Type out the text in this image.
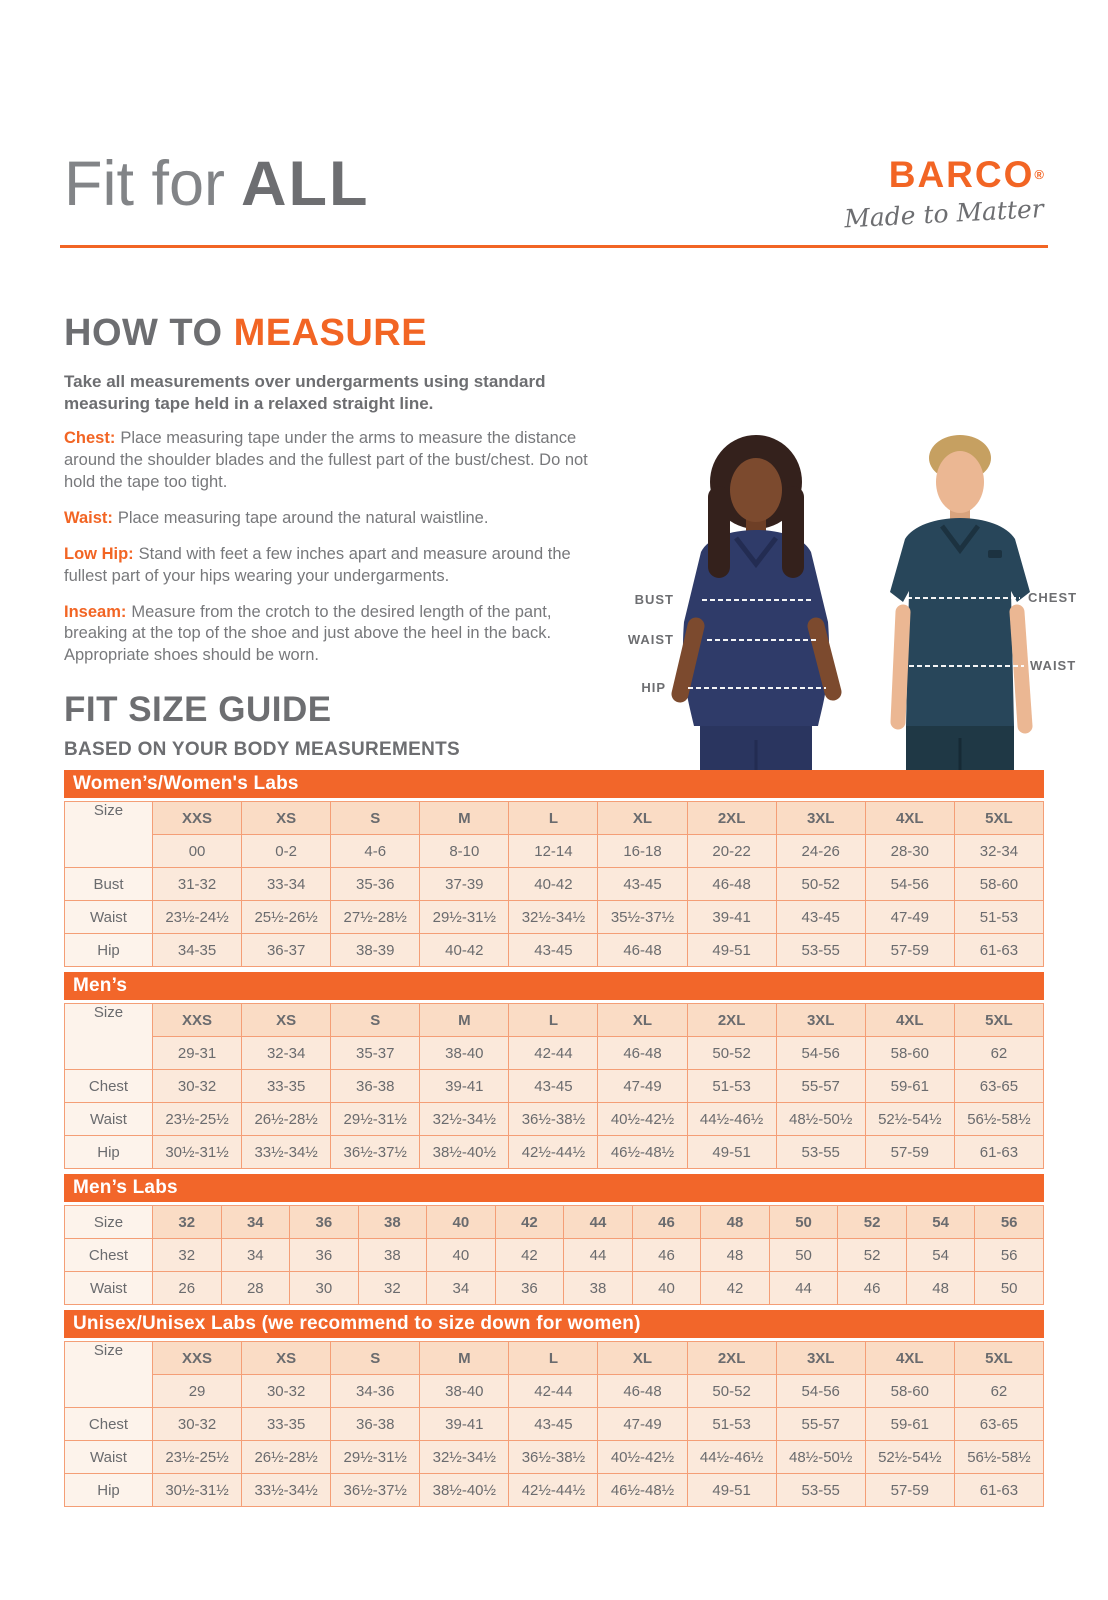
Fit for ALL	BARCO®
Made to Matter
HOW TO MEASURE

Take all measurements over undergarments using standard measuring tape held in a relaxed straight line.

Chest: Place measuring tape under the arms to measure the distance around the shoulder blades and the fullest part of the bust/chest. Do not hold the tape too tight.

Waist: Place measuring tape around the natural waistline.

Low Hip: Stand with feet a few inches apart and measure around the fullest part of your hips wearing your undergarments.

Inseam: Measure from the crotch to the desired length of the pant, breaking at the top of the shoe and just above the heel in the back. Appropriate shoes should be worn.

BUST
WAIST
HIP
CHEST
WAIST
FIT SIZE GUIDE
BASED ON YOUR BODY MEASUREMENTS
Women’s/Women's Labs
Size	XXS	XS	S	M	L	XL	2XL	3XL	4XL	5XL
	00	0-2	4-6	8-10	12-14	16-18	20-22	24-26	28-30	32-34
Bust	31-32	33-34	35-36	37-39	40-42	43-45	46-48	50-52	54-56	58-60
Waist	23½-24½	25½-26½	27½-28½	29½-31½	32½-34½	35½-37½	39-41	43-45	47-49	51-53
Hip	34-35	36-37	38-39	40-42	43-45	46-48	49-51	53-55	57-59	61-63
Men’s
Size	XXS	XS	S	M	L	XL	2XL	3XL	4XL	5XL
	29-31	32-34	35-37	38-40	42-44	46-48	50-52	54-56	58-60	62
Chest	30-32	33-35	36-38	39-41	43-45	47-49	51-53	55-57	59-61	63-65
Waist	23½-25½	26½-28½	29½-31½	32½-34½	36½-38½	40½-42½	44½-46½	48½-50½	52½-54½	56½-58½
Hip	30½-31½	33½-34½	36½-37½	38½-40½	42½-44½	46½-48½	49-51	53-55	57-59	61-63
Men’s Labs
Size	32	34	36	38	40	42	44	46	48	50	52	54	56
Chest	32	34	36	38	40	42	44	46	48	50	52	54	56
Waist	26	28	30	32	34	36	38	40	42	44	46	48	50
Unisex/Unisex Labs (we recommend to size down for women)
Size	XXS	XS	S	M	L	XL	2XL	3XL	4XL	5XL
	29	30-32	34-36	38-40	42-44	46-48	50-52	54-56	58-60	62
Chest	30-32	33-35	36-38	39-41	43-45	47-49	51-53	55-57	59-61	63-65
Waist	23½-25½	26½-28½	29½-31½	32½-34½	36½-38½	40½-42½	44½-46½	48½-50½	52½-54½	56½-58½
Hip	30½-31½	33½-34½	36½-37½	38½-40½	42½-44½	46½-48½	49-51	53-55	57-59	61-63
